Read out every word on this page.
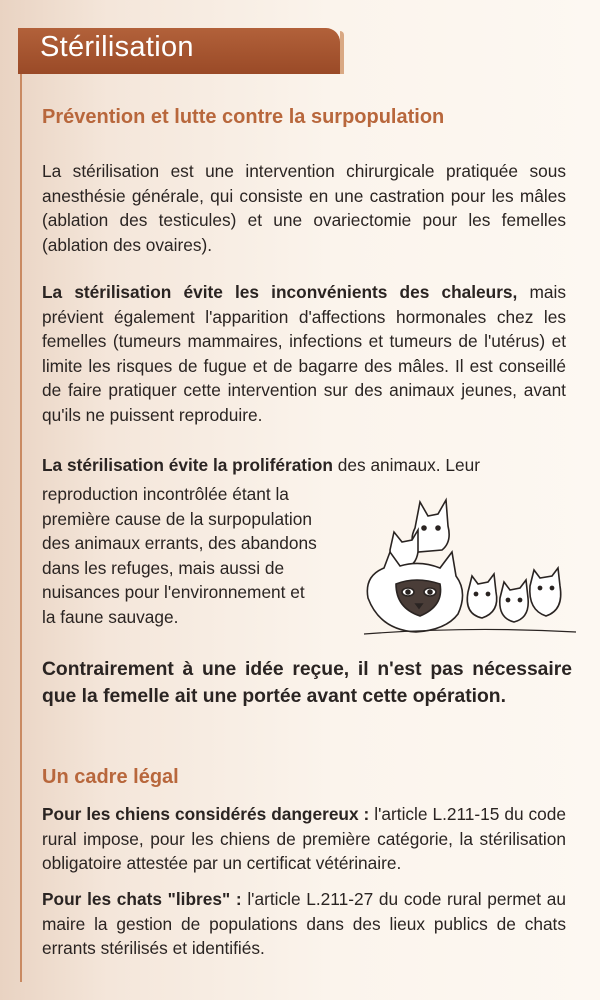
Stérilisation
Prévention et lutte contre la surpopulation

La stérilisation est une intervention chirurgicale pratiquée sous anesthésie générale, qui consiste en une castration pour les mâles (ablation des testicules) et une ovariectomie pour les femelles (ablation des ovaires).

La stérilisation évite les inconvénients des chaleurs, mais prévient également l'apparition d'affections hormonales chez les femelles (tumeurs mammaires, infections et tumeurs de l'utérus) et limite les risques de fugue et de bagarre des mâles. Il est conseillé de faire pratiquer cette intervention sur des animaux jeunes, avant qu'ils ne puissent reproduire.

La stérilisation évite la prolifération des animaux. Leur

reproduction incontrôlée étant la
première cause de la surpopulation
des animaux errants, des abandons
dans les refuges, mais aussi de
nuisances pour l'environnement et
la faune sauvage.

Contrairement à une idée reçue, il n'est pas nécessaire que la femelle ait une portée avant cette opération.

Un cadre légal

Pour les chiens considérés dangereux : l'article L.211-15 du code rural impose, pour les chiens de première catégorie, la stérilisation obligatoire attestée par un certificat vétérinaire.

Pour les chats "libres" : l'article L.211-27 du code rural permet au maire la gestion de populations dans des lieux publics de chats errants stérilisés et identifiés.
